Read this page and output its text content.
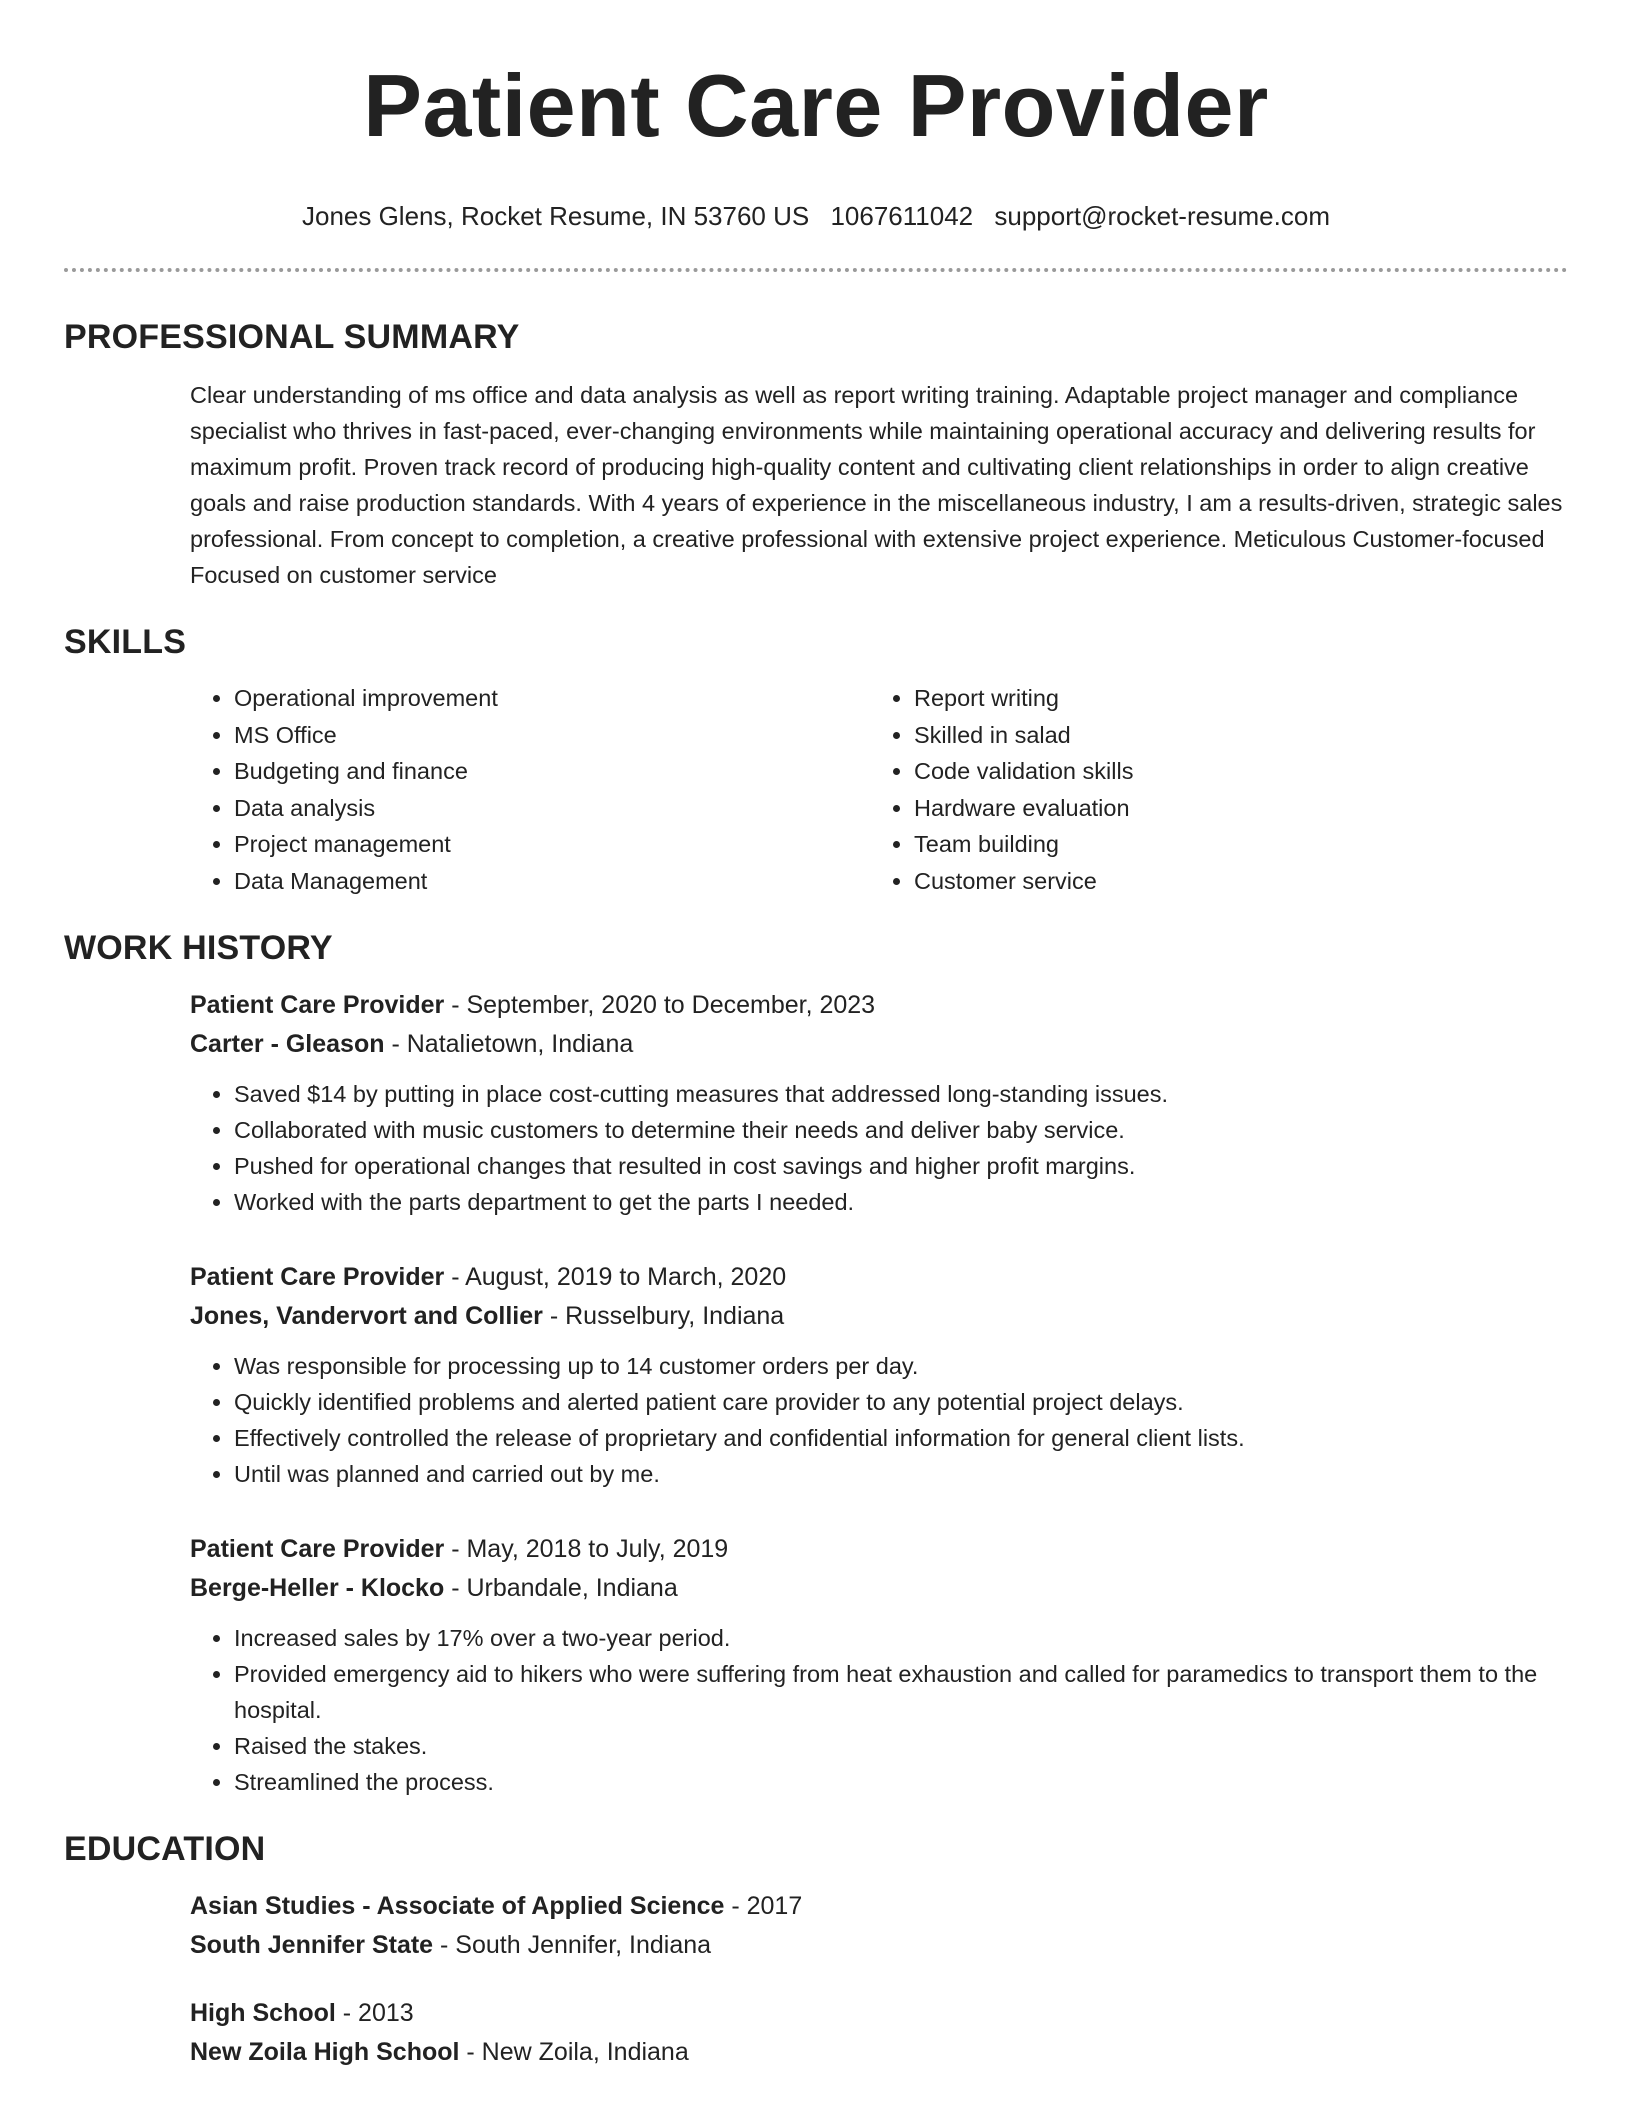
Patient Care Provider
Jones Glens, Rocket Resume, IN 53760 US 1067611042 support@rocket-resume.com
PROFESSIONAL SUMMARY
Clear understanding of ms office and data analysis as well as report writing training. Adaptable project manager and compliance specialist who thrives in fast-paced, ever-changing environments while maintaining operational accuracy and delivering results for maximum profit. Proven track record of producing high-quality content and cultivating client relationships in order to align creative goals and raise production standards. With 4 years of experience in the miscellaneous industry, I am a results-driven, strategic sales professional. From concept to completion, a creative professional with extensive project experience. Meticulous Customer-focused Focused on customer service
SKILLS
• Operational improvement
• MS Office
• Budgeting and finance
• Data analysis
• Project management
• Data Management
• Report writing
• Skilled in salad
• Code validation skills
• Hardware evaluation
• Team building
• Customer service
WORK HISTORY
Patient Care Provider - September, 2020 to December, 2023
Carter - Gleason - Natalietown, Indiana
• Saved $14 by putting in place cost-cutting measures that addressed long-standing issues.
• Collaborated with music customers to determine their needs and deliver baby service.
• Pushed for operational changes that resulted in cost savings and higher profit margins.
• Worked with the parts department to get the parts I needed.
Patient Care Provider - August, 2019 to March, 2020
Jones, Vandervort and Collier - Russelbury, Indiana
• Was responsible for processing up to 14 customer orders per day.
• Quickly identified problems and alerted patient care provider to any potential project delays.
• Effectively controlled the release of proprietary and confidential information for general client lists.
• Until was planned and carried out by me.
Patient Care Provider - May, 2018 to July, 2019
Berge-Heller - Klocko - Urbandale, Indiana
• Increased sales by 17% over a two-year period.
• Provided emergency aid to hikers who were suffering from heat exhaustion and called for paramedics to transport them to the hospital.
• Raised the stakes.
• Streamlined the process.
EDUCATION
Asian Studies - Associate of Applied Science - 2017
South Jennifer State - South Jennifer, Indiana
High School - 2013
New Zoila High School - New Zoila, Indiana
